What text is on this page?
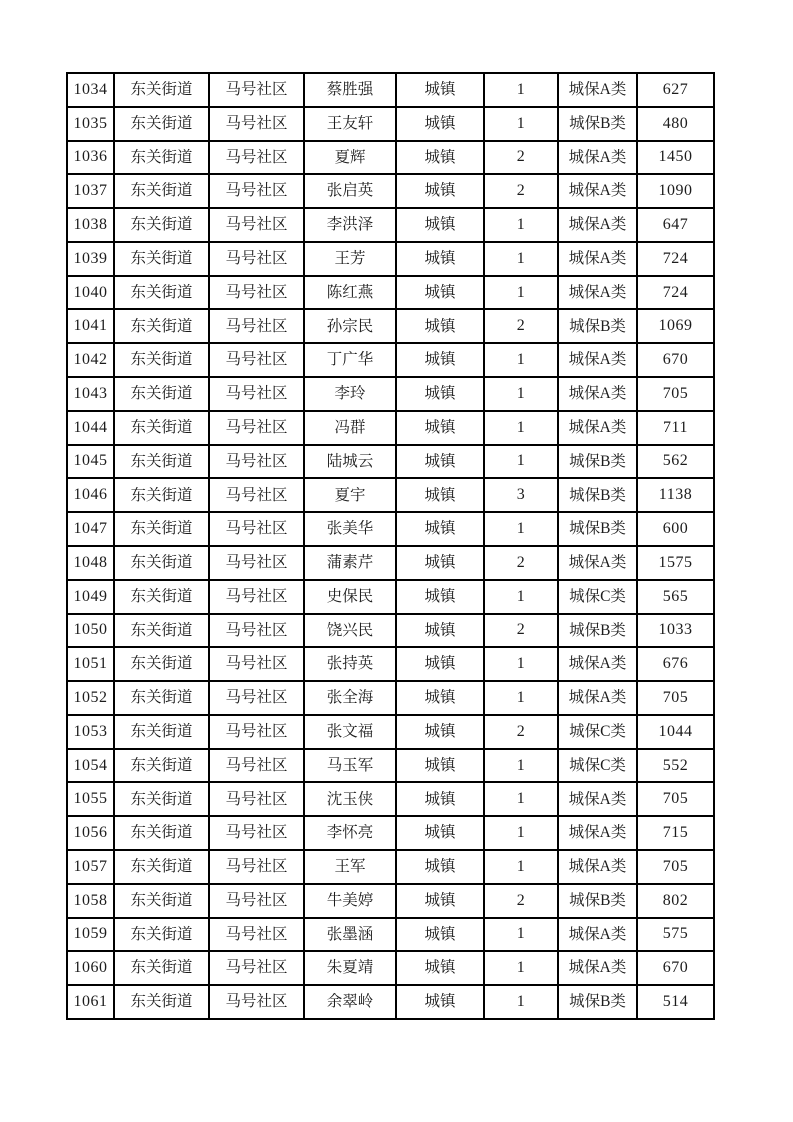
1034	东关街道	马号社区	蔡胜强	城镇	1	城保A类	627
1035	东关街道	马号社区	王友轩	城镇	1	城保B类	480
1036	东关街道	马号社区	夏辉	城镇	2	城保A类	1450
1037	东关街道	马号社区	张启英	城镇	2	城保A类	1090
1038	东关街道	马号社区	李洪泽	城镇	1	城保A类	647
1039	东关街道	马号社区	王芳	城镇	1	城保A类	724
1040	东关街道	马号社区	陈红燕	城镇	1	城保A类	724
1041	东关街道	马号社区	孙宗民	城镇	2	城保B类	1069
1042	东关街道	马号社区	丁广华	城镇	1	城保A类	670
1043	东关街道	马号社区	李玲	城镇	1	城保A类	705
1044	东关街道	马号社区	冯群	城镇	1	城保A类	711
1045	东关街道	马号社区	陆城云	城镇	1	城保B类	562
1046	东关街道	马号社区	夏宇	城镇	3	城保B类	1138
1047	东关街道	马号社区	张美华	城镇	1	城保B类	600
1048	东关街道	马号社区	蒲素芹	城镇	2	城保A类	1575
1049	东关街道	马号社区	史保民	城镇	1	城保C类	565
1050	东关街道	马号社区	饶兴民	城镇	2	城保B类	1033
1051	东关街道	马号社区	张持英	城镇	1	城保A类	676
1052	东关街道	马号社区	张全海	城镇	1	城保A类	705
1053	东关街道	马号社区	张文福	城镇	2	城保C类	1044
1054	东关街道	马号社区	马玉军	城镇	1	城保C类	552
1055	东关街道	马号社区	沈玉侠	城镇	1	城保A类	705
1056	东关街道	马号社区	李怀亮	城镇	1	城保A类	715
1057	东关街道	马号社区	王军	城镇	1	城保A类	705
1058	东关街道	马号社区	牛美婷	城镇	2	城保B类	802
1059	东关街道	马号社区	张墨涵	城镇	1	城保A类	575
1060	东关街道	马号社区	朱夏靖	城镇	1	城保A类	670
1061	东关街道	马号社区	余翠岭	城镇	1	城保B类	514
